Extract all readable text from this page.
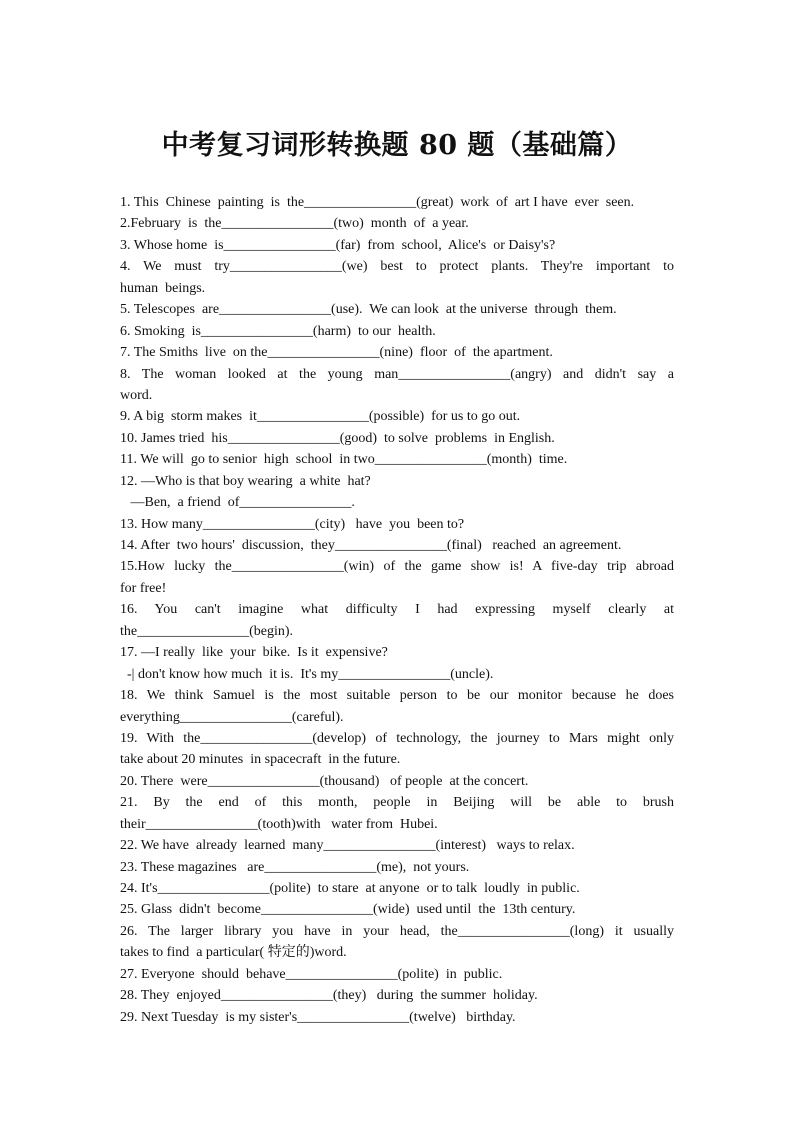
中考复习词形转换题 80 题（基础篇）
1. This  Chinese  painting  is  the________________(great)  work  of  art I have  ever  seen.
2.February  is  the________________(two)  month  of  a year.
3. Whose home  is________________(far)  from  school,  Alice's  or Daisy's?
4. We must try________________(we) best to protect plants. They're important to
human  beings.
5. Telescopes  are________________(use).  We can look  at the universe  through  them.
6. Smoking  is________________(harm)  to our  health.
7. The Smiths  live  on the________________(nine)  floor  of  the apartment.
8. The woman looked at the young man________________(angry) and didn't say a
word.
9. A big  storm makes  it________________(possible)  for us to go out.
10. James tried  his________________(good)  to solve  problems  in English.
11. We will  go to senior  high  school  in two________________(month)  time.
12. —Who is that boy wearing  a white  hat?
—Ben,  a friend  of________________.
13. How many________________(city)   have  you  been to?
14. After  two hours'  discussion,  they________________(final)   reached  an agreement.
15.How lucky the________________(win) of the game show is! A five-day trip abroad
for free!
16. You can't imagine what difficulty I had expressing myself clearly at
the________________(begin).
17. —I really  like  your  bike.  Is it  expensive?
-| don't know how much  it is.  It's my________________(uncle).
18. We think Samuel is the most suitable person to be our monitor because he does
everything________________(careful).
19. With the________________(develop) of technology, the journey to Mars might only
take about 20 minutes  in spacecraft  in the future.
20. There  were________________(thousand)   of people  at the concert.
21. By the end of this month, people in Beijing will be able to brush
their________________(tooth)with   water from  Hubei.
22. We have  already  learned  many________________(interest)   ways to relax.
23. These magazines   are________________(me),  not yours.
24. It's________________(polite)  to stare  at anyone  or to talk  loudly  in public.
25. Glass  didn't  become________________(wide)  used until  the  13th century.
26. The larger library you have in your head, the________________(long) it usually
takes to find  a particular( 特定的)word.
27. Everyone  should  behave________________(polite)  in  public.
28. They  enjoyed________________(they)   during  the summer  holiday.
29. Next Tuesday  is my sister's________________(twelve)   birthday.
